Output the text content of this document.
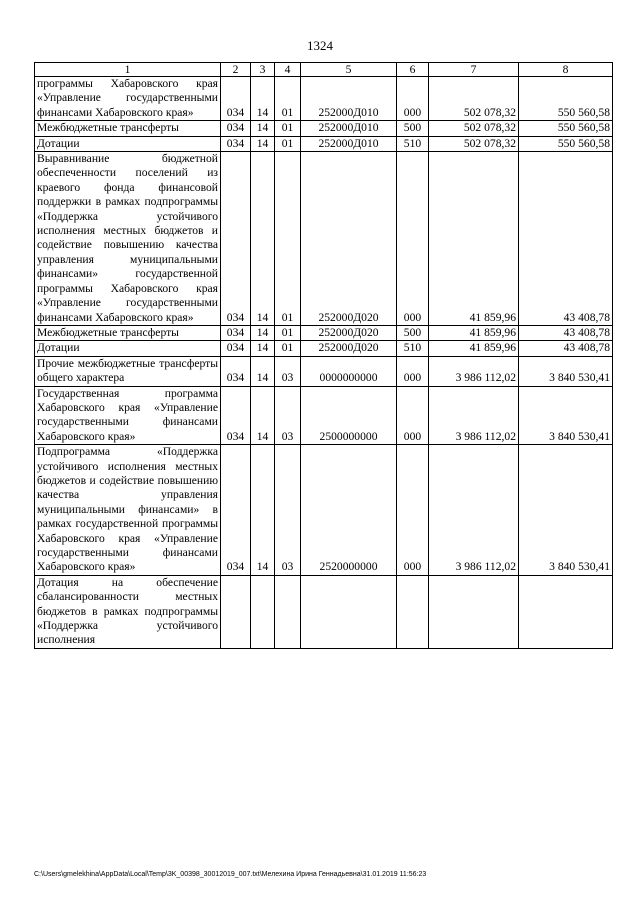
1324
1	2	3	4	5	6	7	8
программы Хабаровского края «Управление государственными финансами Хабаровского края»	034	14	01	252000Д010	000	502 078,32	550 560,58
Межбюджетные трансферты	034	14	01	252000Д010	500	502 078,32	550 560,58
Дотации	034	14	01	252000Д010	510	502 078,32	550 560,58
Выравнивание бюджетной обеспеченности поселений из краевого фонда финансовой поддержки в рамках подпрограммы «Поддержка устойчивого исполнения местных бюджетов и содействие повышению качества управления муниципальными финансами» государственной программы Хабаровского края «Управление государственными финансами Хабаровского края»	034	14	01	252000Д020	000	41 859,96	43 408,78
Межбюджетные трансферты	034	14	01	252000Д020	500	41 859,96	43 408,78
Дотации	034	14	01	252000Д020	510	41 859,96	43 408,78
Прочие межбюджетные трансферты общего характера	034	14	03	0000000000	000	3 986 112,02	3 840 530,41
Государственная программа Хабаровского края «Управление государственными финансами Хабаровского края»	034	14	03	2500000000	000	3 986 112,02	3 840 530,41
Подпрограмма «Поддержка устойчивого исполнения местных бюджетов и содействие повышению качества управления муниципальными финансами» в рамках государственной программы Хабаровского края «Управление государственными финансами Хабаровского края»	034	14	03	2520000000	000	3 986 112,02	3 840 530,41
Дотация на обеспечение сбалансированности местных бюджетов в рамках подпрограммы «Поддержка устойчивого исполнения							
C:\Users\gmelekhina\AppData\Local\Temp\3K_00398_30012019_007.txt\Мелехина Ирина Геннадьевна\31.01.2019 11:56:23
